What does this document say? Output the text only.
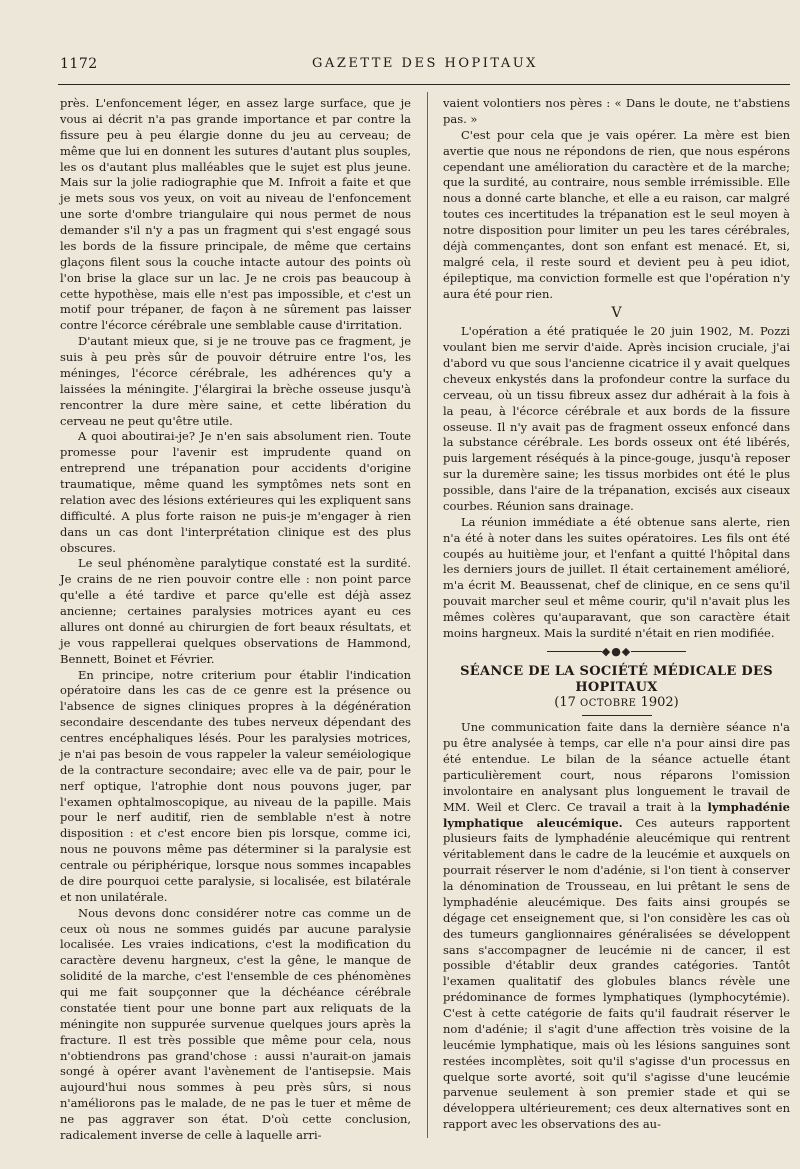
1172	GAZETTE DES HOPITAUX

près. L'enfoncement léger, en assez large surface, que je vous ai décrit n'a pas grande importance et par contre la fissure peu à peu élargie donne du jeu au cerveau; de même que lui en donnent les sutures d'autant plus souples, les os d'autant plus malléables que le sujet est plus jeune. Mais sur la jolie radiographie que M. Infroit a faite et que je mets sous vos yeux, on voit au niveau de l'enfoncement une sorte d'ombre triangulaire qui nous permet de nous demander s'il n'y a pas un fragment qui s'est engagé sous les bords de la fissure principale, de même que certains glaçons filent sous la couche intacte autour des points où l'on brise la glace sur un lac. Je ne crois pas beaucoup à cette hypothèse, mais elle n'est pas impossible, et c'est un motif pour trépaner, de façon à ne sûrement pas laisser contre l'écorce cérébrale une semblable cause d'irritation.

D'autant mieux que, si je ne trouve pas ce fragment, je suis à peu près sûr de pouvoir détruire entre l'os, les méninges, l'écorce cérébrale, les adhérences qu'y a laissées la méningite. J'élargirai la brèche osseuse jusqu'à rencontrer la dure mère saine, et cette libération du cerveau ne peut qu'être utile.

A quoi aboutirai-je? Je n'en sais absolument rien. Toute promesse pour l'avenir est imprudente quand on entreprend une trépanation pour accidents d'origine traumatique, même quand les symptômes nets sont en relation avec des lésions extérieures qui les expliquent sans difficulté. A plus forte raison ne puis-je m'engager à rien dans un cas dont l'interprétation clinique est des plus obscures.

Le seul phénomène paralytique constaté est la surdité. Je crains de ne rien pouvoir contre elle : non point parce qu'elle a été tardive et parce qu'elle est déjà assez ancienne; certaines paralysies motrices ayant eu ces allures ont donné au chirurgien de fort beaux résultats, et je vous rappellerai quelques observations de Hammond, Bennett, Boinet et Février.

En principe, notre criterium pour établir l'indication opératoire dans les cas de ce genre est la présence ou l'absence de signes cliniques propres à la dégénération secondaire descendante des tubes nerveux dépendant des centres encéphaliques lésés. Pour les paralysies motrices, je n'ai pas besoin de vous rappeler la valeur seméiologique de la contracture secondaire; avec elle va de pair, pour le nerf optique, l'atrophie dont nous pouvons juger, par l'examen ophtalmoscopique, au niveau de la papille. Mais pour le nerf auditif, rien de semblable n'est à notre disposition : et c'est encore bien pis lorsque, comme ici, nous ne pouvons même pas déterminer si la paralysie est centrale ou périphérique, lorsque nous sommes incapables de dire pourquoi cette paralysie, si localisée, est bilatérale et non unilatérale.

Nous devons donc considérer notre cas comme un de ceux où nous ne sommes guidés par aucune paralysie localisée. Les vraies indications, c'est la modification du caractère devenu hargneux, c'est la gêne, le manque de solidité de la marche, c'est l'ensemble de ces phénomènes qui me fait soupçonner que la déchéance cérébrale constatée tient pour une bonne part aux reliquats de la méningite non suppurée survenue quelques jours après la fracture. Il est très possible que même pour cela, nous n'obtiendrons pas grand'chose : aussi n'aurait-on jamais songé à opérer avant l'avènement de l'antisepsie. Mais aujourd'hui nous sommes à peu près sûrs, si nous n'améliorons pas le malade, de ne pas le tuer et même de ne pas aggraver son état. D'où cette conclusion, radicalement inverse de celle à laquelle arri-

vaient volontiers nos pères : « Dans le doute, ne t'abstiens pas. »

C'est pour cela que je vais opérer. La mère est bien avertie que nous ne répondons de rien, que nous espérons cependant une amélioration du caractère et de la marche; que la surdité, au contraire, nous semble irrémissible. Elle nous a donné carte blanche, et elle a eu raison, car malgré toutes ces incertitudes la trépanation est le seul moyen à notre disposition pour limiter un peu les tares cérébrales, déjà commençantes, dont son enfant est menacé. Et, si, malgré cela, il reste sourd et devient peu à peu idiot, épileptique, ma conviction formelle est que l'opération n'y aura été pour rien.

V

L'opération a été pratiquée le 20 juin 1902, M. Pozzi voulant bien me servir d'aide. Après incision cruciale, j'ai d'abord vu que sous l'ancienne cicatrice il y avait quelques cheveux enkystés dans la profondeur contre la surface du cerveau, où un tissu fibreux assez dur adhérait à la fois à la peau, à l'écorce cérébrale et aux bords de la fissure osseuse. Il n'y avait pas de fragment osseux enfoncé dans la substance cérébrale. Les bords osseux ont été libérés, puis largement réséqués à la pince-gouge, jusqu'à reposer sur la duremère saine; les tissus morbides ont été le plus possible, dans l'aire de la trépanation, excisés aux ciseaux courbes. Réunion sans drainage.

La réunion immédiate a été obtenue sans alerte, rien n'a été à noter dans les suites opératoires. Les fils ont été coupés au huitième jour, et l'enfant a quitté l'hôpital dans les derniers jours de juillet. Il était certainement amélioré, m'a écrit M. Beaussenat, chef de clinique, en ce sens qu'il pouvait marcher seul et même courir, qu'il n'avait plus les mêmes colères qu'auparavant, que son caractère était moins hargneux. Mais la surdité n'était en rien modifiée.

◆●◆
SÉANCE DE LA SOCIÉTÉ MÉDICALE DES HOPITAUX
(17 OCTOBRE 1902)

Une communication faite dans la dernière séance n'a pu être analysée à temps, car elle n'a pour ainsi dire pas été entendue. Le bilan de la séance actuelle étant particulièrement court, nous réparons l'omission involontaire en analysant plus longuement le travail de MM. Weil et Clerc. Ce travail a trait à la lymphadénie lymphatique aleucémique. Ces auteurs rapportent plusieurs faits de lymphadénie aleucémique qui rentrent véritablement dans le cadre de la leucémie et auxquels on pourrait réserver le nom d'adénie, si l'on tient à conserver la dénomination de Trousseau, en lui prêtant le sens de lymphadénie aleucémique. Des faits ainsi groupés se dégage cet enseignement que, si l'on considère les cas où des tumeurs ganglionnaires généralisées se développent sans s'accompagner de leucémie ni de cancer, il est possible d'établir deux grandes catégories. Tantôt l'examen qualitatif des globules blancs révèle une prédominance de formes lymphatiques (lymphocytémie). C'est à cette catégorie de faits qu'il faudrait réserver le nom d'adénie; il s'agit d'une affection très voisine de la leucémie lymphatique, mais où les lésions sanguines sont restées incomplètes, soit qu'il s'agisse d'un processus en quelque sorte avorté, soit qu'il s'agisse d'une leucémie parvenue seulement à son premier stade et qui se développera ultérieurement; ces deux alternatives sont en rapport avec les observations des au-
